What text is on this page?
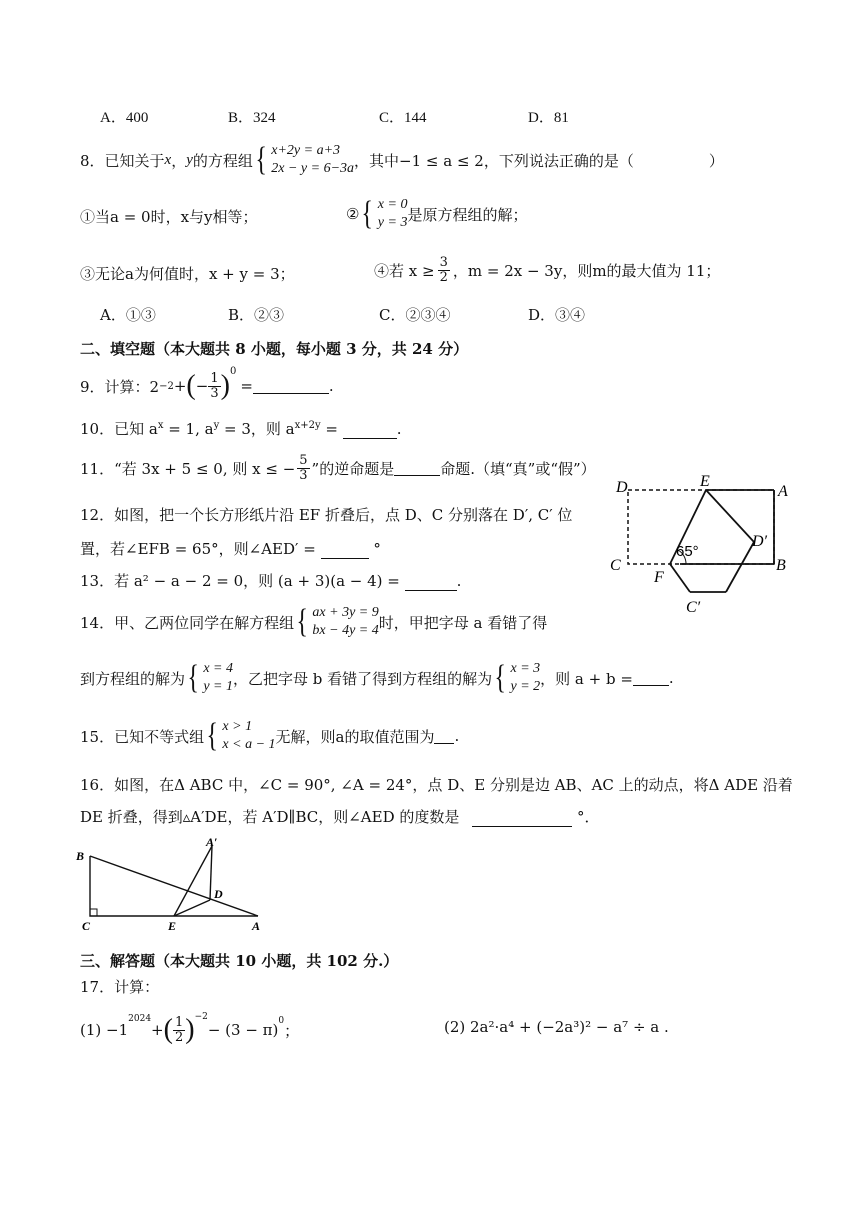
A．400	B．324	C．144	D．81
8．已知关于 x ， y 的方程组 { x+2y = a+3
2x − y = 6−3a ，其中−1 ≤ a ≤ 2，下列说法正确的是（　　　　　）
①当a = 0时，x与y相等；	② { x = 0
y = 3 是原方程组的解；
③无论a为何值时，x + y = 3；	④若 $x \ge \frac{3}{2}$ ，m = 2x − 3y，则m的最大值为 11；
A．①③	B．②③	C．②③④	D．③④
二、填空题（本大题共 8 小题，每小题 3 分，共 24 分）
9．计算：2 −2 + ( − $\frac{1}{3} )^0$
=	.
10．已知 $a^x = 1$, $a^y = 3$，则 $a^{x+2y}$ =	.
11．“若 3x + 5 ≤ 0, 则 x ≤ − $\frac{5}{3}$ ”的逆命题是	命题.（填“真”或“假”）
12．如图，把一个长方形纸片沿 EF 折叠后，点 D、C 分别落在 D′, C′ 位
置，若∠EFB = 65°，则∠AED′ =	°
D	E
A
D′
C
F
B
C′
65°
13．若 a² − a − 2 = 0，则 (a + 3)(a − 4) =	.
14．甲、乙两位同学在解方程组 { ax + 3y = 9
bx − 4y = 4 时，甲把字母 a 看错了得
到方程组的解为 { x = 4
y = 1 ，乙把字母 b 看错了得到方程组的解为 { x = 3
y = 2 ，则 a + b = .
15．已知不等式组 { x > 1
x < a − 1 无解，则a的取值范围为 .
16．如图，在Δ ABC 中，∠C = 90°, ∠A = 24°，点 D、E 分别是边 AB、AC 上的动点，将Δ ADE 沿着
DE 折叠，得到▵A′DE，若 A′D∥BC，则∠AED 的度数是	°．
B
A′
D
C	E	A
三、解答题（本大题共 10 小题，共 102 分.）
17．计算：
(1) −1
$^{2024}$
+ ( $\frac{1}{2} )^{-2}$
− $(3 - \pi)^0$
；	(2) 2a²·a⁴ + (−2a³)² − a⁷ ÷ a .
